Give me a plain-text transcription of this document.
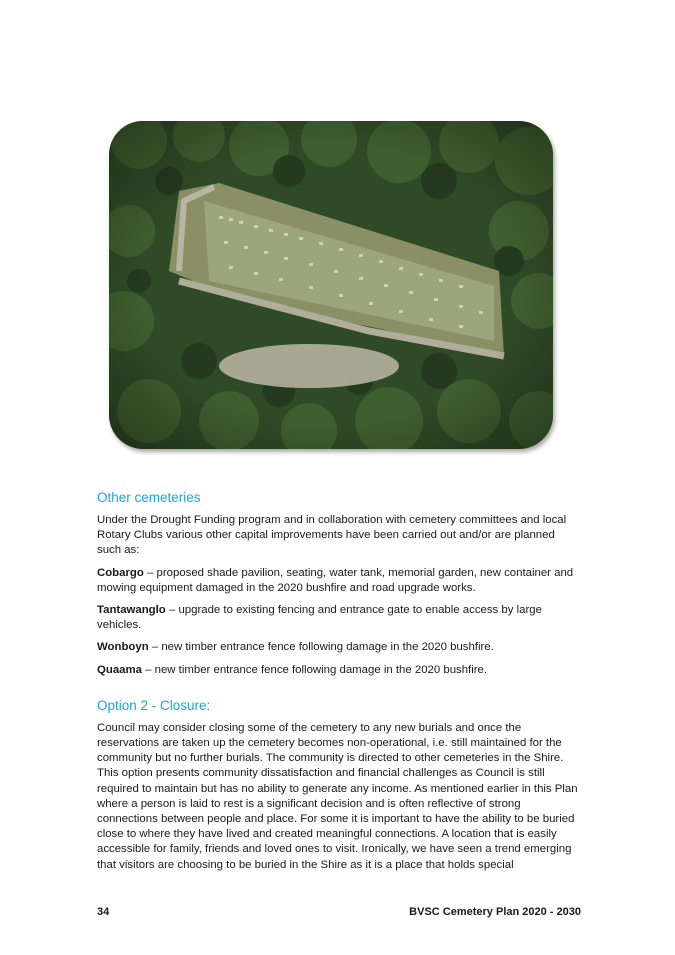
Other cemeteries

Under the Drought Funding program and in collaboration with cemetery committees and local Rotary Clubs various other capital improvements have been carried out and/or are planned such as:

Cobargo – proposed shade pavilion, seating, water tank, memorial garden, new container and mowing equipment damaged in the 2020 bushfire and road upgrade works.

Tantawanglo – upgrade to existing fencing and entrance gate to enable access by large vehicles.

Wonboyn – new timber entrance fence following damage in the 2020 bushfire.

Quaama – new timber entrance fence following damage in the 2020 bushfire.

Option 2 - Closure:

Council may consider closing some of the cemetery to any new burials and once the reservations are taken up the cemetery becomes non-operational, i.e. still maintained for the community but no further burials. The community is directed to other cemeteries in the Shire. This option presents community dissatisfaction and financial challenges as Council is still required to maintain but has no ability to generate any income. As mentioned earlier in this Plan where a person is laid to rest is a significant decision and is often reflective of strong connections between people and place. For some it is important to have the ability to be buried close to where they have lived and created meaningful connections. A location that is easily accessible for family, friends and loved ones to visit. Ironically, we have seen a trend emerging that visitors are choosing to be buried in the Shire as it is a place that holds special

34	BVSC Cemetery Plan 2020 - 2030
